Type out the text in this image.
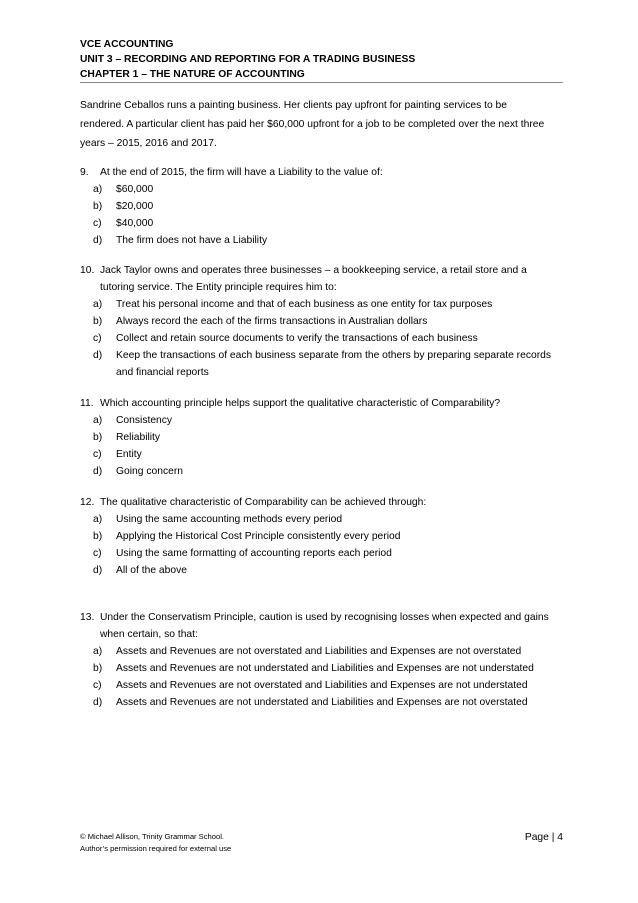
VCE ACCOUNTING
UNIT 3 – RECORDING AND REPORTING FOR A TRADING BUSINESS
CHAPTER 1 – THE NATURE OF ACCOUNTING
Sandrine Ceballos runs a painting business. Her clients pay upfront for painting services to be rendered. A particular client has paid her $60,000 upfront for a job to be completed over the next three years – 2015, 2016 and 2017.
9. At the end of 2015, the firm will have a Liability to the value of:
a) $60,000
b) $20,000
c) $40,000
d) The firm does not have a Liability
10. Jack Taylor owns and operates three businesses – a bookkeeping service, a retail store and a tutoring service. The Entity principle requires him to:
a) Treat his personal income and that of each business as one entity for tax purposes
b) Always record the each of the firms transactions in Australian dollars
c) Collect and retain source documents to verify the transactions of each business
d) Keep the transactions of each business separate from the others by preparing separate records and financial reports
11. Which accounting principle helps support the qualitative characteristic of Comparability?
a) Consistency
b) Reliability
c) Entity
d) Going concern
12. The qualitative characteristic of Comparability can be achieved through:
a) Using the same accounting methods every period
b) Applying the Historical Cost Principle consistently every period
c) Using the same formatting of accounting reports each period
d) All of the above
13. Under the Conservatism Principle, caution is used by recognising losses when expected and gains when certain, so that:
a) Assets and Revenues are not overstated and Liabilities and Expenses are not overstated
b) Assets and Revenues are not understated and Liabilities and Expenses are not understated
c) Assets and Revenues are not overstated and Liabilities and Expenses are not understated
d) Assets and Revenues are not understated and Liabilities and Expenses are not overstated
© Michael Allison, Trinity Grammar School.
Author’s permission required for external use
Page | 4
